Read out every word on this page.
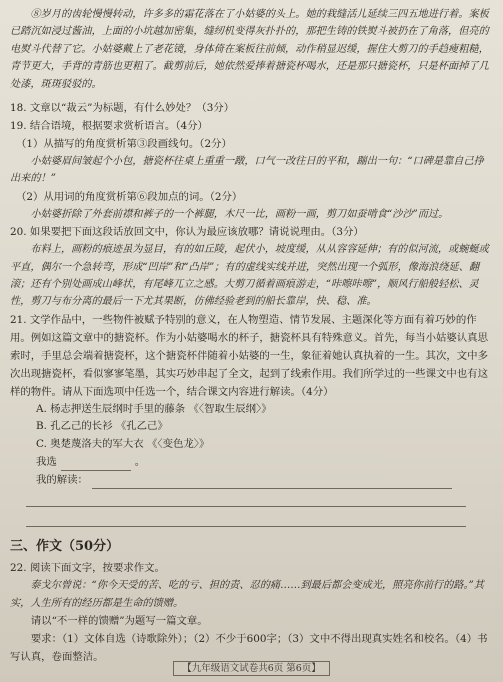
⑧岁月的齿轮慢慢转动，许多多的霜花落在了小姑婆的头上。她的栽缝活儿延续三四五地进行着。案板已踏沉如浸过酱油，上面的小坑越加密集，缝纫机变得灰扑扑的，那把生铸的铁熨斗被扔在了角落，但亮的电熨斗代替了它。小姑婆戴上了老花镜，身体倚在案板往前倾，动作稍显迟缓，握住大剪刀的手趋瘦粗糙，青节更大，手背的青筋也更粗了。截剪前后，她依然爱捧着搪瓷杯喝水，还是那只搪瓷杯，只是杯面掉了几处漆，斑斑驳驳的。

18. 文章以“裁云”为标题，有什么妙处？（3分）

19. 结合语境，根据要求赏析语言。（4分）

（1）从描写的角度赏析第③段画线句。（2分）

小姑婆眉间皱起个小包，搪瓷杯往桌上重重一蹾，口气一改往日的平和，蹦出一句：“口碑是靠自己挣出来的！”

（2）从用词的角度赏析第⑥段加点的词。（2分）

小姑婆折除了外套前襟和裤子的一个裤腿，木尺一比，画粉一画，剪刀如蚕啃食“沙沙”而过。

20. 如果要把下面这段话放回文中，你认为最应该放哪？请说说理由。（3分）

布料上，画粉的痕迹虽为显目，有的如丘陵，起伏小，坡度缓，从从容容延伸；有的似河流，或蜿蜒或平直，偶尔一个急转弯，形成“凹岸”和“凸岸”；有的虚线实线并进，突然出现一个弧形，像海浪绕延、翻滚；还有个别处画成山峰状，有尾峰兀立之感。大剪刀循着画痕游走，“咔嚓咔嚓”，顺风行船般轻松、灵性，剪刀与布分离的最后一下尤其果断，仿佛经验老到的船长靠岸，快、稳、准。

21. 文学作品中，一些物件被赋予特别的意义，在人物塑造、情节发展、主题深化等方面有着巧妙的作用。例如这篇文章中的搪瓷杯。作为小姑婆喝水的杯子，搪瓷杯具有特殊意义。首先，每当小姑婆认真思索时，手里总会端着搪瓷杯，这个搪瓷杯伴随着小姑婆的一生，象征着她认真执着的一生。其次，文中多次出现搪瓷杯，看似寥寥笔墨，其实巧妙串起了全文，起到了线索作用。我们所学过的一些课文中也有这样的物件。请从下面选项中任选一个，结合课文内容进行解读。（4分）

A. 杨志押送生辰纲时手里的藤条 《〈智取生辰纲〉》

B. 孔乙己的长衫 《孔乙己》

C. 奥楚蔑洛夫的军大衣 《〈变色龙〉》

我选	。
我的解读：
三、作文（50分）

22. 阅读下面文字，按要求作文。

泰戈尔曾说：“你今天受的苦、吃的亏、担的责、忍的痛……到最后都会变成光，照亮你前行的路。”其实，人生所有的经历都是生命的馈赠。

请以“不一样的馈赠”为题写一篇文章。

要求：（1）文体自选（诗歌除外）；（2）不少于600字；（3）文中不得出现真实姓名和校名。（4）书写认真，卷面整洁。

【九年级语文试卷共6页 第6页】
